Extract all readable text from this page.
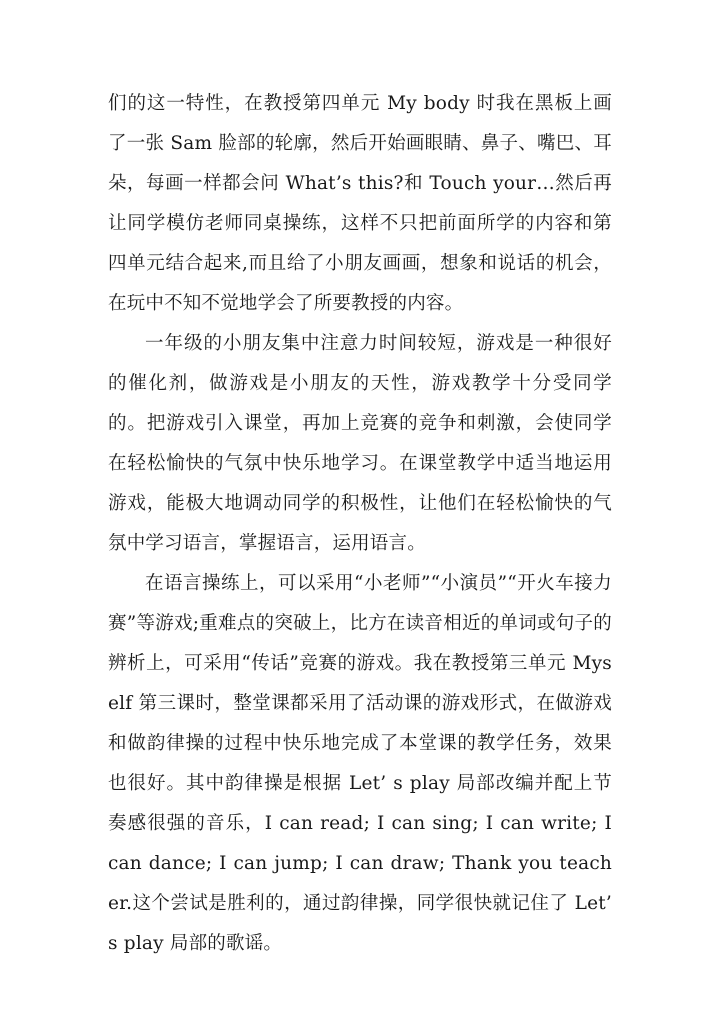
们的这一特性，在教授第四单元 My body 时我在黑板上画了一张 Sam 脸部的轮廓，然后开始画眼睛、鼻子、嘴巴、耳朵，每画一样都会问 What’s this?和 Touch your…然后再让同学模仿老师同桌操练，这样不只把前面所学的内容和第四单元结合起来,而且给了小朋友画画，想象和说话的机会，在玩中不知不觉地学会了所要教授的内容。

一年级的小朋友集中注意力时间较短，游戏是一种很好的催化剂，做游戏是小朋友的天性，游戏教学十分受同学的。把游戏引入课堂，再加上竞赛的竞争和刺激，会使同学在轻松愉快的气氛中快乐地学习。在课堂教学中适当地运用游戏，能极大地调动同学的积极性，让他们在轻松愉快的气氛中学习语言，掌握语言，运用语言。

在语言操练上，可以采用“小老师”“小演员”“开火车接力赛”等游戏;重难点的突破上，比方在读音相近的单词或句子的辨析上，可采用“传话”竞赛的游戏。我在教授第三单元 Myself 第三课时，整堂课都采用了活动课的游戏形式，在做游戏和做韵律操的过程中快乐地完成了本堂课的教学任务，效果也很好。其中韵律操是根据 Let’ s play 局部改编并配上节奏感很强的音乐，I can read; I can sing; I can write; I can dance; I can jump; I can draw; Thank you teacher.这个尝试是胜利的，通过韵律操，同学很快就记住了 Let’ s play 局部的歌谣。
